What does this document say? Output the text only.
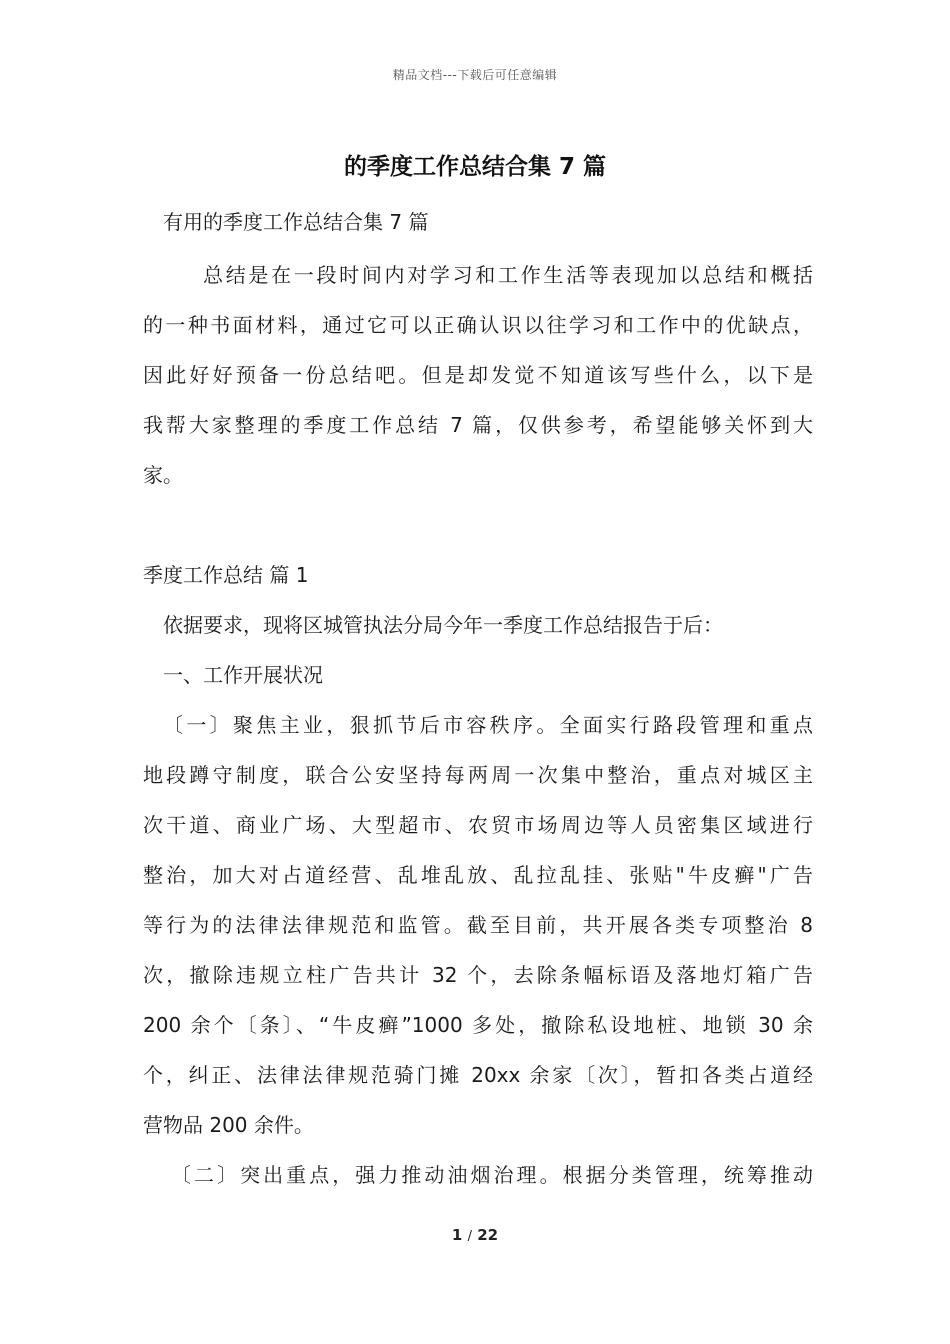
精品文档---下载后可任意编辑
的季度工作总结合集 7 篇
有用的季度工作总结合集 7 篇
总结是在一段时间内对学习和工作生活等表现加以总结和概括
的一种书面材料，通过它可以正确认识以往学习和工作中的优缺点，
因此好好预备一份总结吧。但是却发觉不知道该写些什么，以下是
我帮大家整理的季度工作总结 7 篇，仅供参考，希望能够关怀到大
家。
季度工作总结 篇 1
依据要求，现将区城管执法分局今年一季度工作总结报告于后：
一、工作开展状况
〔一〕聚焦主业，狠抓节后市容秩序。全面实行路段管理和重点
地段蹲守制度，联合公安坚持每两周一次集中整治，重点对城区主
次干道、商业广场、大型超市、农贸市场周边等人员密集区域进行
整治，加大对占道经营、乱堆乱放、乱拉乱挂、张贴"牛皮癣"广告
等行为的法律法律规范和监管。截至目前，共开展各类专项整治 8
次，撤除违规立柱广告共计 32 个，去除条幅标语及落地灯箱广告
200 余个〔条〕、“牛皮癣”1000 多处，撤除私设地桩、地锁 30 余
个，纠正、法律法律规范骑门摊 20xx 余家〔次〕，暂扣各类占道经
营物品 200 余件。
〔二〕突出重点，强力推动油烟治理。根据分类管理，统筹推动
1 / 22
